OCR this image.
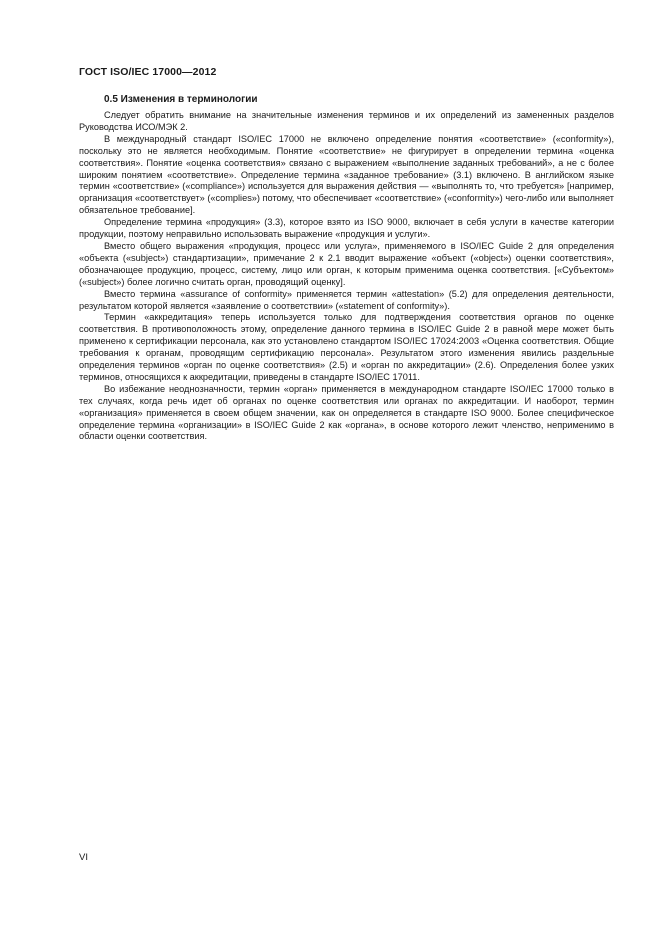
ГОСТ ISO/IEC 17000—2012
0.5 Изменения в терминологии

Следует обратить внимание на значительные изменения терминов и их определений из замененных разделов Руководства ИСО/МЭК 2.

В международный стандарт ISO/IEC 17000 не включено определение понятия «соответствие» («conformity»), поскольку это не является необходимым. Понятие «соответствие» не фигурирует в определении термина «оценка соответствия». Понятие «оценка соответствия» связано с выражением «выполнение заданных требований», а не с более широким понятием «соответствие». Определение термина «заданное требование» (3.1) включено. В английском языке термин «соответствие» («compliance») используется для выражения действия — «выполнять то, что требуется» [например, организация «соответствует» («complies») потому, что обеспечивает «соответствие» («conformity») чего-либо или выполняет обязательное требование].

Определение термина «продукция» (3.3), которое взято из ISO 9000, включает в себя услуги в качестве категории продукции, поэтому неправильно использовать выражение «продукция и услуги».

Вместо общего выражения «продукция, процесс или услуга», применяемого в ISO/IEC Guide 2 для определения «объекта («subject») стандартизации», примечание 2 к 2.1 вводит выражение «объект («object») оценки соответствия», обозначающее продукцию, процесс, систему, лицо или орган, к которым применима оценка соответствия. [«Субъектом» («subject») более логично считать орган, проводящий оценку].

Вместо термина «assurance of conformity» применяется термин «attestation» (5.2) для определения деятельности, результатом которой является «заявление о соответствии» («statement of conformity»).

Термин «аккредитация» теперь используется только для подтверждения соответствия органов по оценке соответствия. В противоположность этому, определение данного термина в ISO/IEC Guide 2 в равной мере может быть применено к сертификации персонала, как это установлено стандартом ISO/IEC 17024:2003 «Оценка соответствия. Общие требования к органам, проводящим сертификацию персонала». Результатом этого изменения явились раздельные определения терминов «орган по оценке соответствия» (2.5) и «орган по аккредитации» (2.6). Определения более узких терминов, относящихся к аккредитации, приведены в стандарте ISO/IEC 17011.

Во избежание неоднозначности, термин «орган» применяется в международном стандарте ISO/IEC 17000 только в тех случаях, когда речь идет об органах по оценке соответствия или органах по аккредитации. И наоборот, термин «организация» применяется в своем общем значении, как он определяется в стандарте ISO 9000. Более специфическое определение термина «организации» в ISO/IEC Guide 2 как «органа», в основе которого лежит членство, неприменимо в области оценки соответствия.

VI
